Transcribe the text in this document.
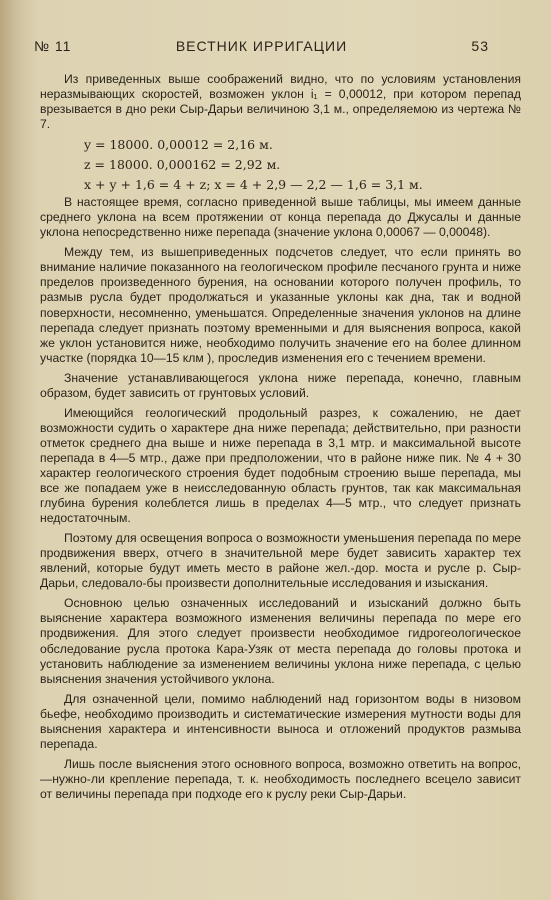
№ 11	ВЕСТНИК ИРРИГАЦИИ	53

Из приведенных выше соображений видно, что по условиям установления неразмывающих скоростей, возможен уклон i₁ = 0,00012, при котором перепад врезывается в дно реки Сыр-Дарьи величиною 3,1 м., определяемою из чертежа № 7.

y = 18000. 0,00012 = 2,16 м.
z = 18000. 0,000162 = 2,92 м.
x + y + 1,6 = 4 + z; x = 4 + 2,9 — 2,2 — 1,6 = 3,1 м.

В настоящее время, согласно приведенной выше таблицы, мы имеем данные среднего уклона на всем протяжении от конца перепада до Джусалы и данные уклона непосредственно ниже перепада (значение уклона 0,00067 — 0,00048).

Между тем, из вышеприведенных подсчетов следует, что если принять во внимание наличие показанного на геологическом профиле песчаного грунта и ниже пределов произведенного бурения, на основании которого получен профиль, то размыв русла будет продолжаться и указанные уклоны как дна, так и водной поверхности, несомненно, уменьшатся. Определенные значения уклонов на длине перепада следует признать поэтому временными и для выяснения вопроса, какой же уклон установится ниже, необходимо получить значение его на более длинном участке (порядка 10—15 клм ), проследив изменения его с течением времени.

Значение устанавливающегося уклона ниже перепада, конечно, главным образом, будет зависить от грунтовых условий.

Имеющийся геологический продольный разрез, к сожалению, не дает возможности судить о характере дна ниже перепада; действительно, при разности отметок среднего дна выше и ниже перепада в 3,1 мтр. и максимальной высоте перепада в 4—5 мтр., даже при предположении, что в районе ниже пик. № 4 + 30 характер геологического строения будет подобным строению выше перепада, мы все же попадаем уже в неисследованную область грунтов, так как максимальная глубина бурения колеблется лишь в пределах 4—5 мтр., что следует признать недостаточным.

Поэтому для освещения вопроса о возможности уменьшения перепада по мере продвижения вверх, отчего в значительной мере будет зависить характер тех явлений, которые будут иметь место в районе жел.-дор. моста и русле р. Сыр-Дарьи, следовало-бы произвести дополнительные исследования и изыскания.

Основною целью означенных исследований и изысканий должно быть выяснение характера возможного изменения величины перепада по мере его продвижения. Для этого следует произвести необходимое гидрогеологическое обследование русла протока Кара-Узяк от места перепада до головы протока и установить наблюдение за изменением величины уклона ниже перепада, с целью выяснения значения устойчивого уклона.

Для означенной цели, помимо наблюдений над горизонтом воды в низовом бьефе, необходимо производить и систематические измерения мутности воды для выяснения характера и интенсивности выноса и отложений продуктов размыва перепада.

Лишь после выяснения этого основного вопроса, возможно ответить на вопрос,—нужно-ли крепление перепада, т. к. необходимость последнего всецело зависит от величины перепада при подходе его к руслу реки Сыр-Дарьи.
